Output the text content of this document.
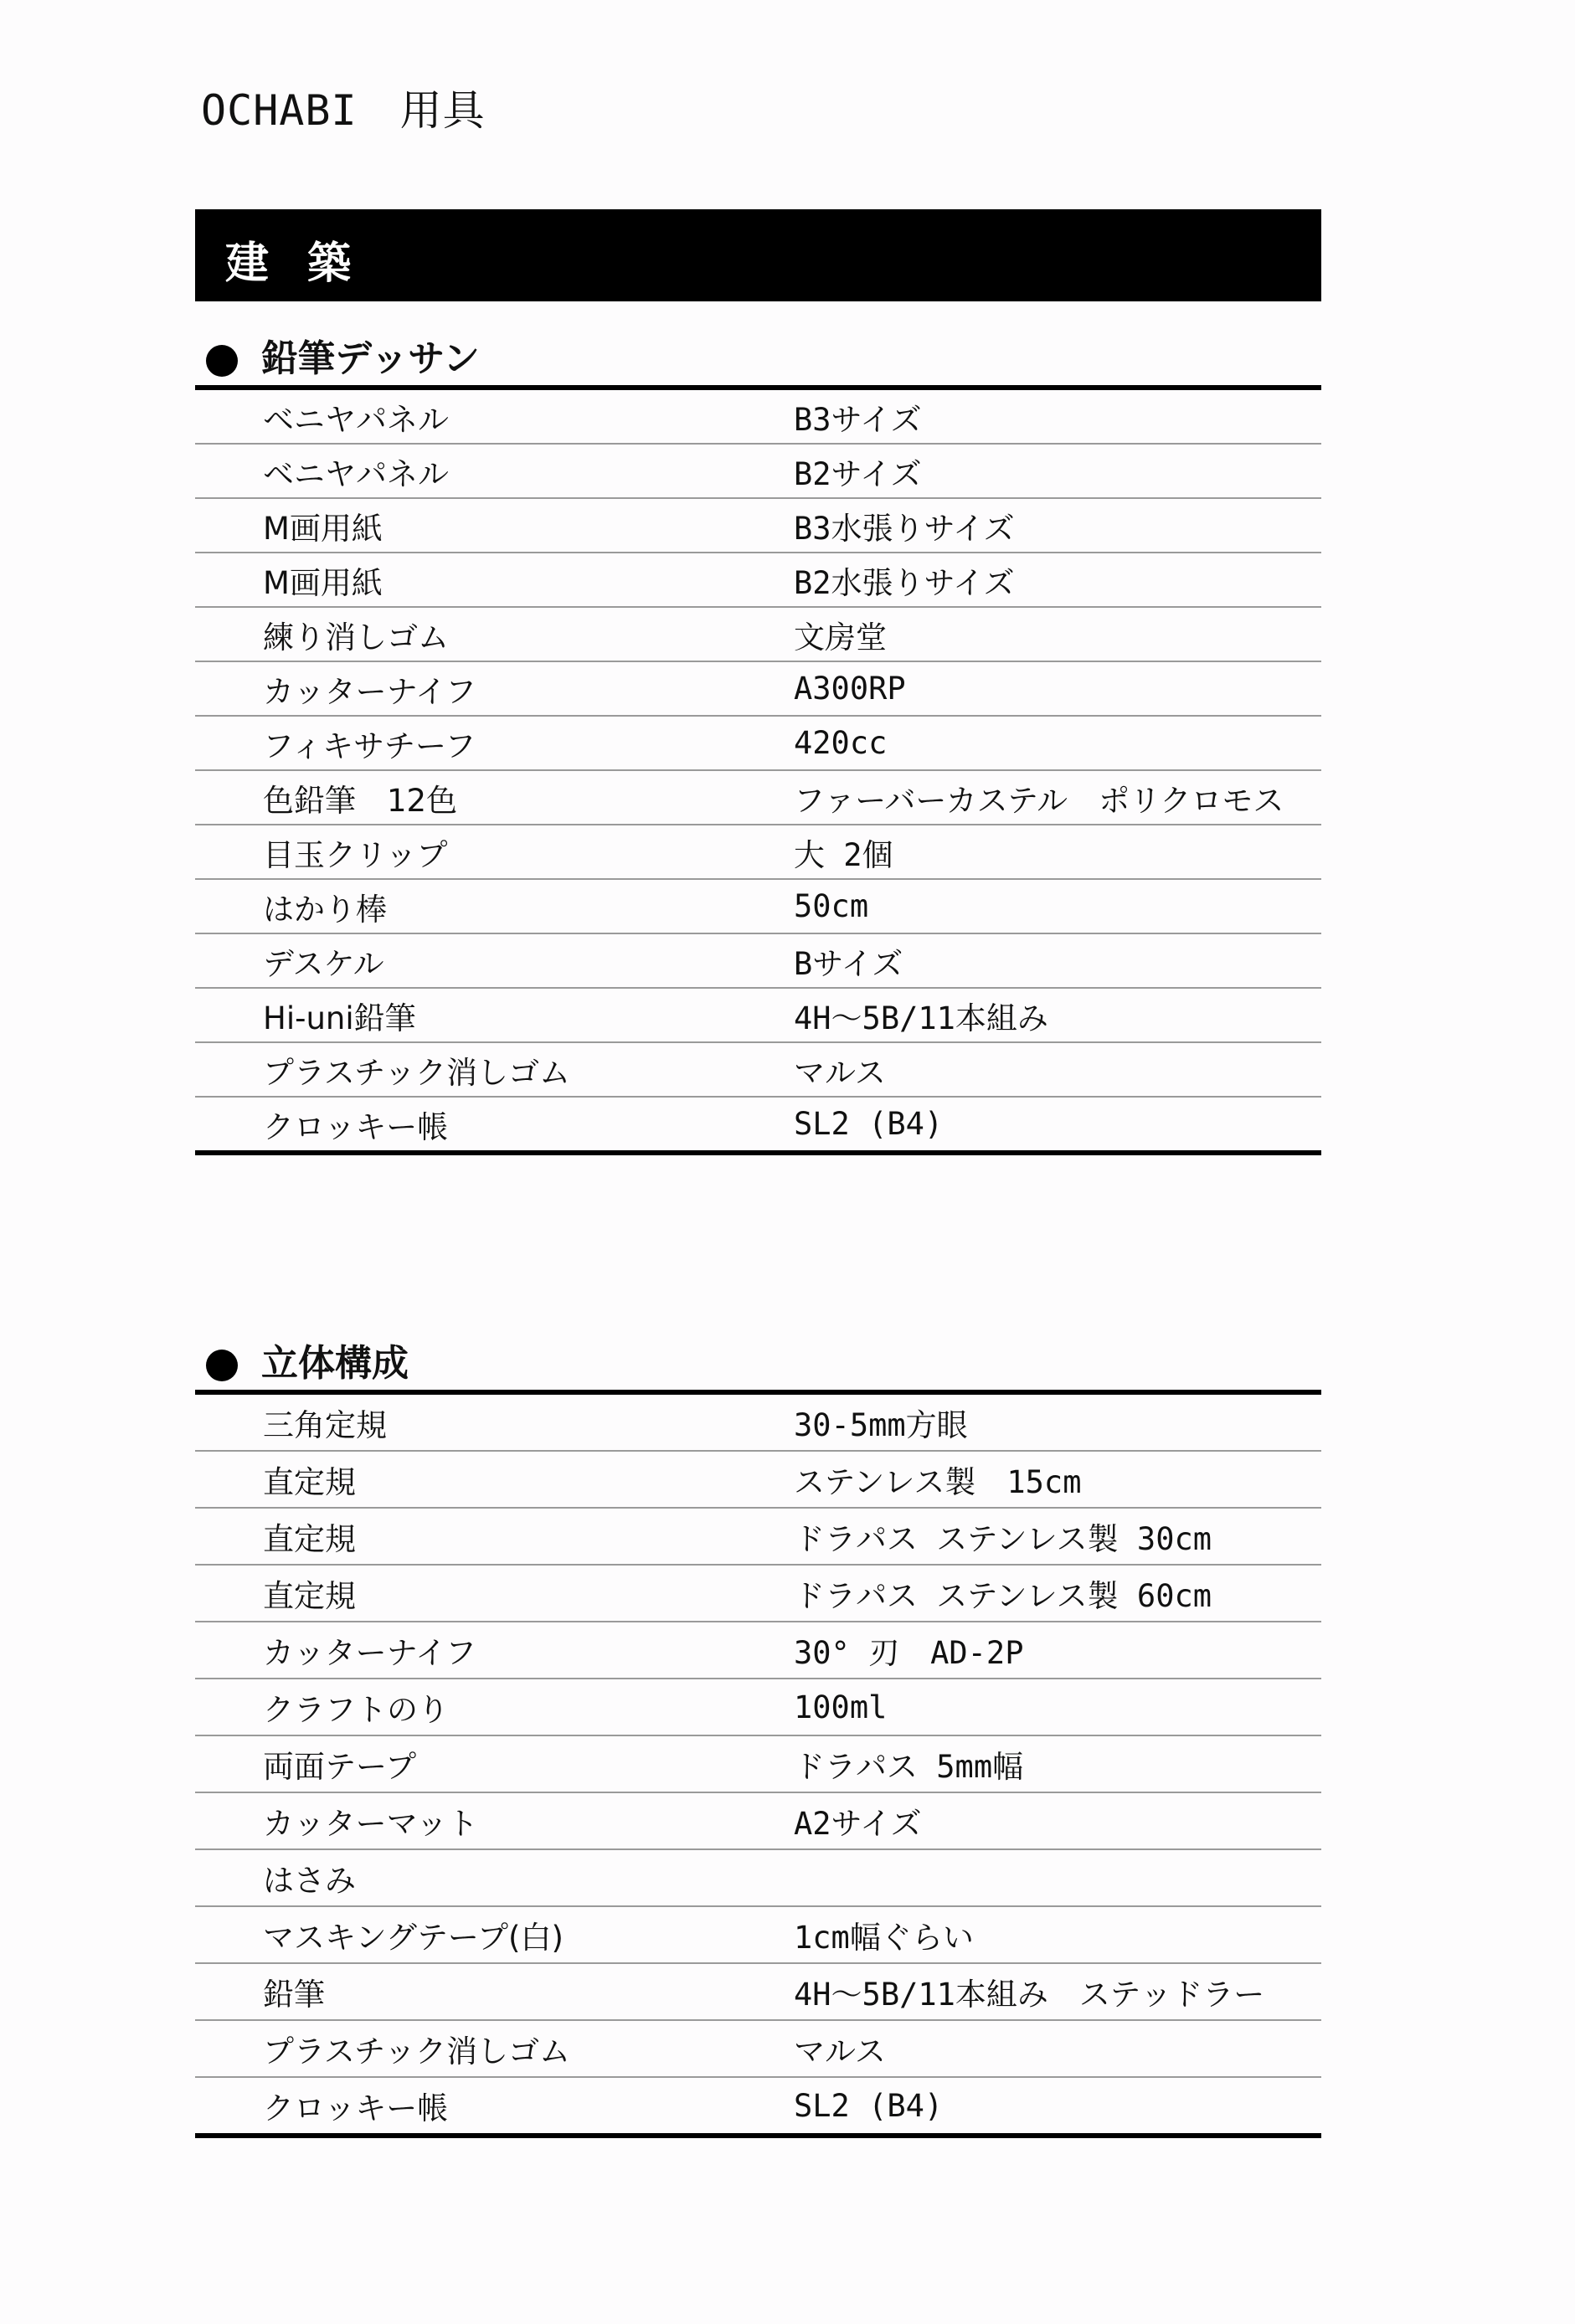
OCHABI　用具
建 築
鉛筆デッサン
ベニヤパネル	B3サイズ
ベニヤパネル	B2サイズ
M画用紙	B3水張りサイズ
M画用紙	B2水張りサイズ
練り消しゴム	文房堂
カッターナイフ	A300RP
フィキサチーフ	420cc
色鉛筆　12色	ファーバーカステル　ポリクロモス
目玉クリップ	大 2個
はかり棒	50cm
デスケル	Bサイズ
Hi-uni鉛筆	4H～5B/11本組み
プラスチック消しゴム	マルス
クロッキー帳	SL2 (B4)
立体構成
三角定規	30-5mm方眼
直定規	ステンレス製　15cm
直定規	ドラパス ステンレス製 30cm
直定規	ドラパス ステンレス製 60cm
カッターナイフ	30° 刃　AD-2P
クラフトのり	100ml
両面テープ	ドラパス 5mm幅
カッターマット	A2サイズ
はさみ
マスキングテープ(白)	1cm幅ぐらい
鉛筆	4H～5B/11本組み　ステッドラー
プラスチック消しゴム	マルス
クロッキー帳	SL2 (B4)
